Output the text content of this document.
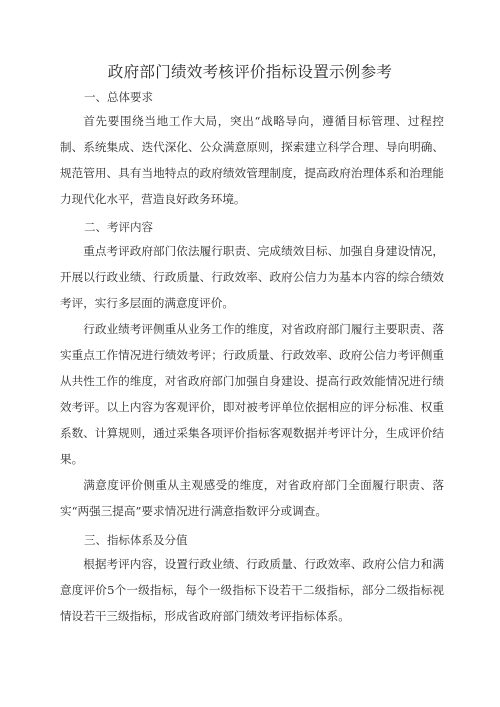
政府部门绩效考核评价指标设置示例参考
一、总体要求
首先要围绕当地工作大局，突出“战略导向，遵循目标管理、过程控制、系统集成、迭代深化、公众满意原则，探索建立科学合理、导向明确、规范管用、具有当地特点的政府绩效管理制度，提高政府治理体系和治理能力现代化水平，营造良好政务环境。
二、考评内容
重点考评政府部门依法履行职责、完成绩效目标、加强自身建设情况，开展以行政业绩、行政质量、行政效率、政府公信力为基本内容的综合绩效考评，实行多层面的满意度评价。
行政业绩考评侧重从业务工作的维度，对省政府部门履行主要职责、落实重点工作情况进行绩效考评；行政质量、行政效率、政府公信力考评侧重从共性工作的维度，对省政府部门加强自身建设、提高行政效能情况进行绩效考评。以上内容为客观评价，即对被考评单位依据相应的评分标准、权重系数、计算规则，通过采集各项评价指标客观数据并考评计分，生成评价结果。
满意度评价侧重从主观感受的维度，对省政府部门全面履行职责、落实“两强三提高”要求情况进行满意指数评分或调查。
三、指标体系及分值
根据考评内容，设置行政业绩、行政质量、行政效率、政府公信力和满意度评价5个一级指标，每个一级指标下设若干二级指标，部分二级指标视情设若干三级指标，形成省政府部门绩效考评指标体系。
